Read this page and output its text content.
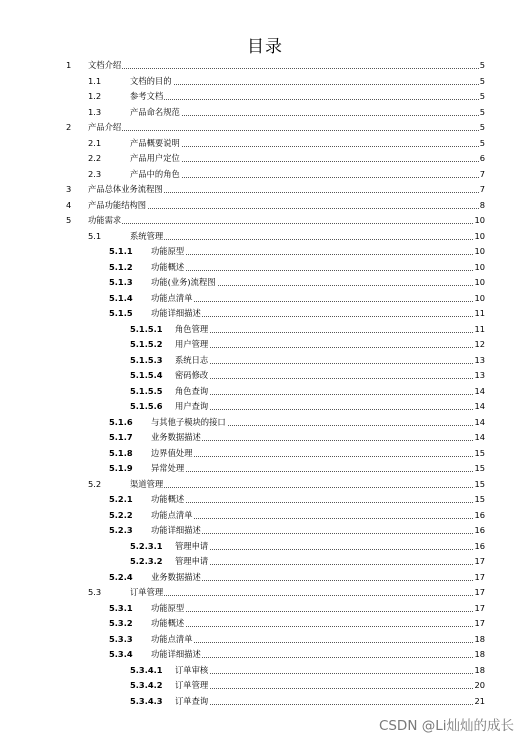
目录
1 文档介绍	5
1.1	文档的目的	5
1.2	参考文档	5
1.3	产品命名规范	5
2 产品介绍	5
2.1	产品概要说明	5
2.2	产品用户定位	6
2.3	产品中的角色	7
3 产品总体业务流程图	7
4 产品功能结构图	8
5 功能需求	10
5.1	系统管理	10
5.1.1 功能原型	10
5.1.2 功能概述	10
5.1.3 功能(业务)流程图	10
5.1.4 功能点清单	10
5.1.5 功能详细描述	11
5.1.5.1 角色管理	11
5.1.5.2 用户管理	12
5.1.5.3 系统日志	13
5.1.5.4 密码修改	13
5.1.5.5 角色查询	14
5.1.5.6 用户查询	14
5.1.6 与其他子模块的接口	14
5.1.7 业务数据描述	14
5.1.8 边界值处理	15
5.1.9 异常处理	15
5.2	渠道管理	15
5.2.1 功能概述	15
5.2.2 功能点清单	16
5.2.3 功能详细描述	16
5.2.3.1 管理申请	16
5.2.3.2 管理申请	17
5.2.4 业务数据描述	17
5.3	订单管理	17
5.3.1 功能原型	17
5.3.2 功能概述	17
5.3.3 功能点清单	18
5.3.4 功能详细描述	18
5.3.4.1 订单审核	18
5.3.4.2 订单管理	20
5.3.4.3 订单查询	21
CSDN @Li灿灿的成长
